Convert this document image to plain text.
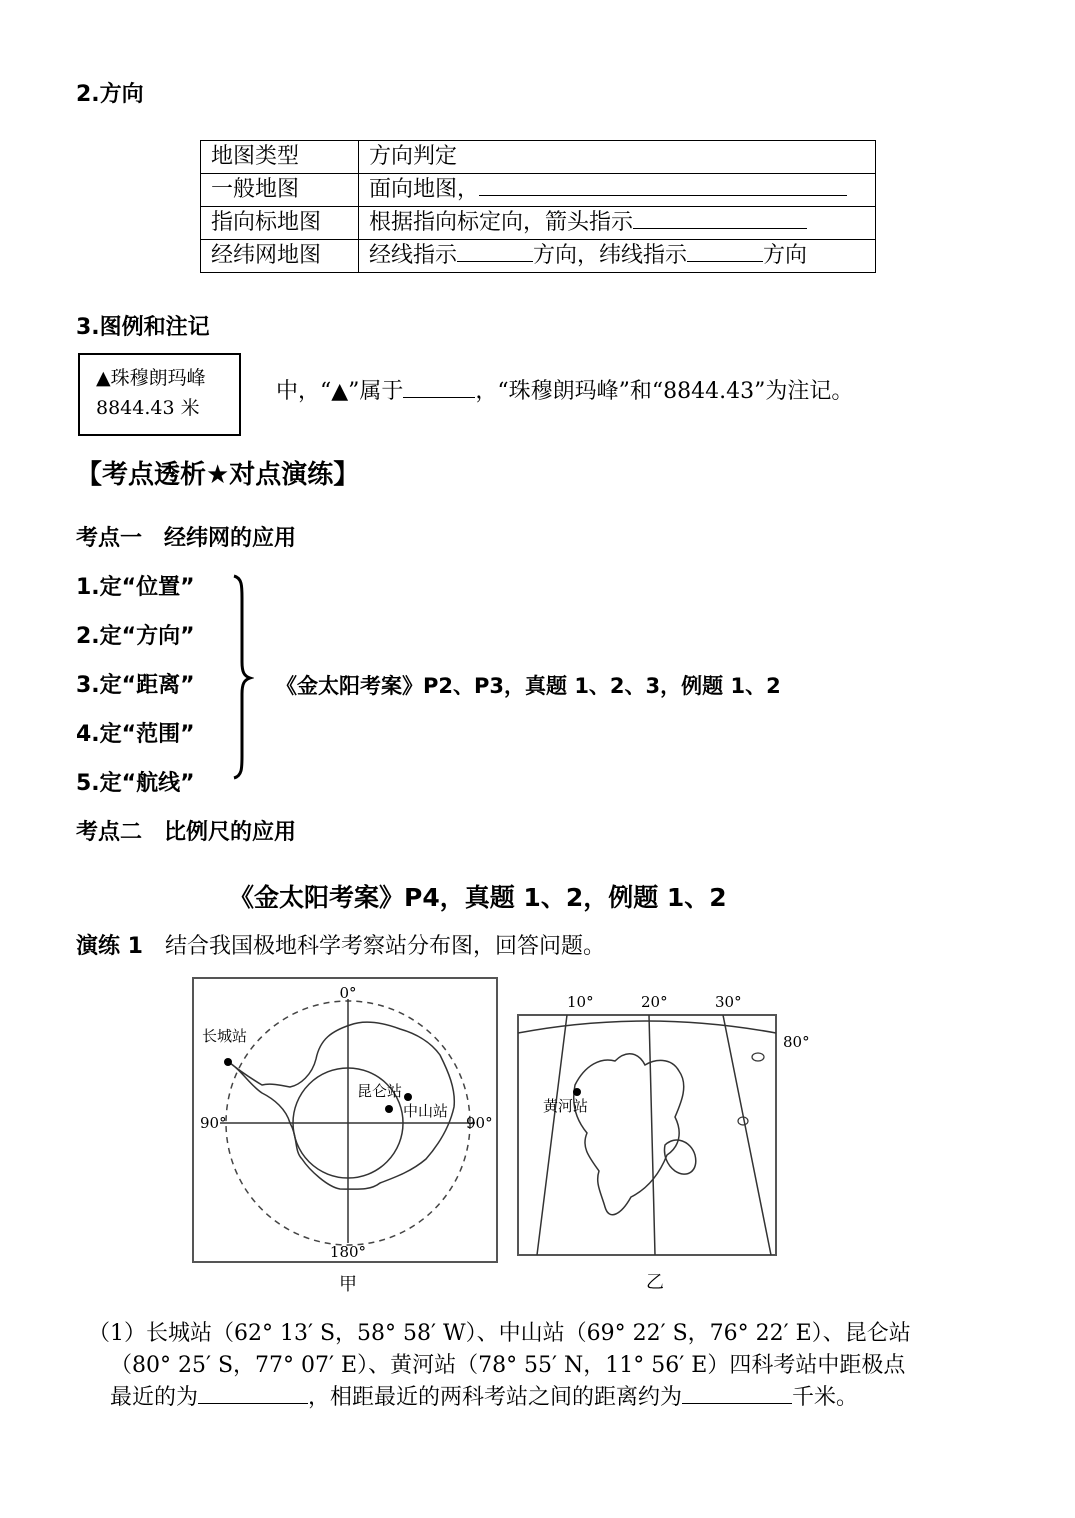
2.方向
地图类型	方向判定
一般地图	面向地图，
指向标地图	根据指向标定向，箭头指示
经纬网地图	经线指示 方向，纬线指示 方向
3.图例和注记
▲珠穆朗玛峰
8844.43 米
中，“▲”属于	，“珠穆朗玛峰”和“8844.43”为注记。
【考点透析★对点演练】
考点一　经纬网的应用
1.定“位置”
2.定“方向”
3.定“距离”
4.定“范围”
5.定“航线”
《金太阳考案》P2、P3，真题 1、2、3，例题 1、2
考点二　比例尺的应用
《金太阳考案》P4，真题 1、2，例题 1、2
演练 1 结合我国极地科学考察站分布图，回答问题。
0°
180°
90°	90°
长城站
昆仑站
中山站
甲
10°	20°	30°
80°
黄河站
乙
（1）长城站（62° 13′ S，58° 58′ W）、中山站（69° 22′ S，76° 22′ E）、昆仑站
（80° 25′ S，77° 07′ E）、黄河站（78° 55′ N，11° 56′ E）四科考站中距极点
最近的为	，相距最近的两科考站之间的距离约为	千米。
